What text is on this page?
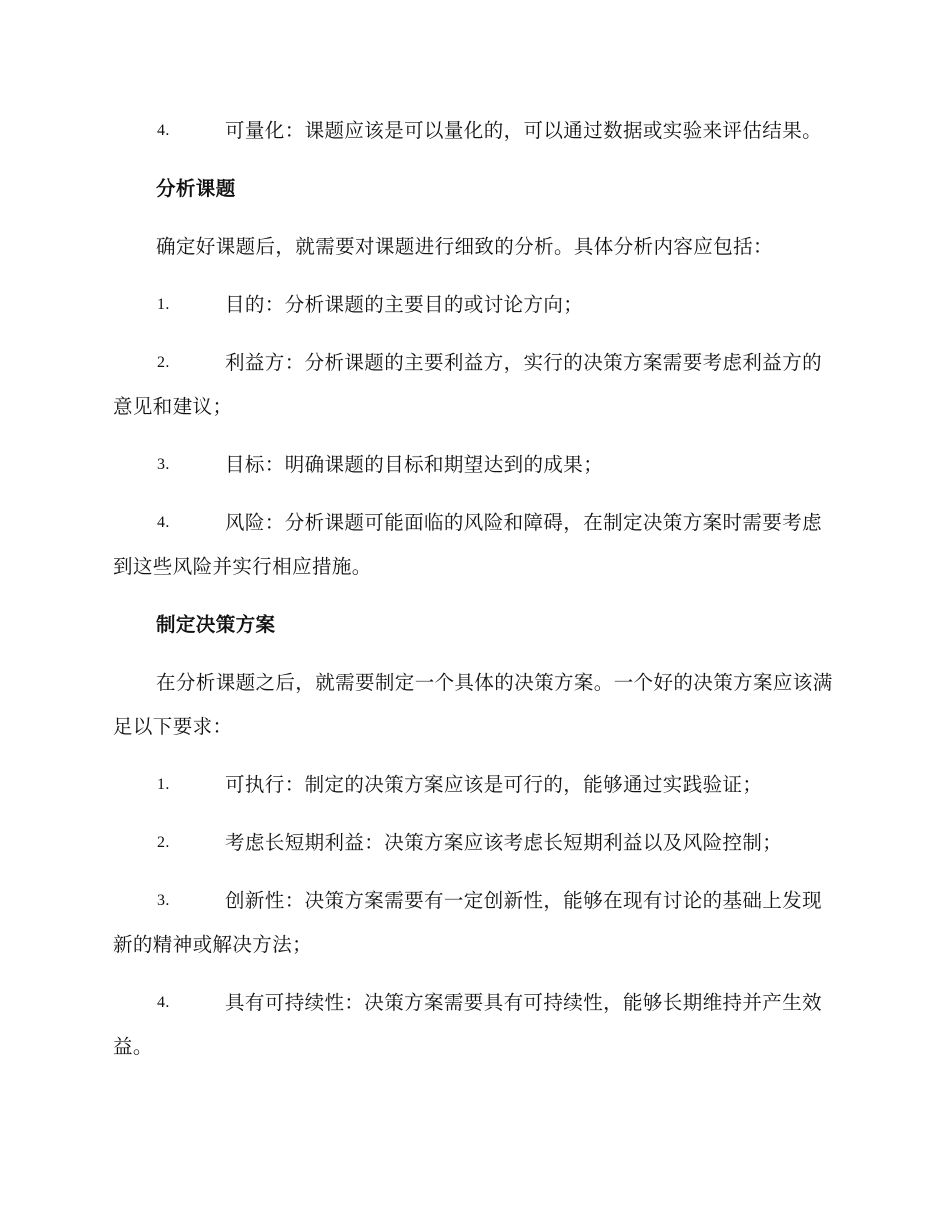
4.	可量化：课题应该是可以量化的，可以通过数据或实验来评估结果。
分析课题
确定好课题后，就需要对课题进行细致的分析。具体分析内容应包括：
1.	目的：分析课题的主要目的或讨论方向；
2.	利益方：分析课题的主要利益方，实行的决策方案需要考虑利益方的意见和建议；
3.	目标：明确课题的目标和期望达到的成果；
4.	风险：分析课题可能面临的风险和障碍，在制定决策方案时需要考虑到这些风险并实行相应措施。
制定决策方案
在分析课题之后，就需要制定一个具体的决策方案。一个好的决策方案应该满足以下要求：
1.	可执行：制定的决策方案应该是可行的，能够通过实践验证；
2.	考虑长短期利益：决策方案应该考虑长短期利益以及风险控制；
3.	创新性：决策方案需要有一定创新性，能够在现有讨论的基础上发现新的精神或解决方法；
4.	具有可持续性：决策方案需要具有可持续性，能够长期维持并产生效益。
